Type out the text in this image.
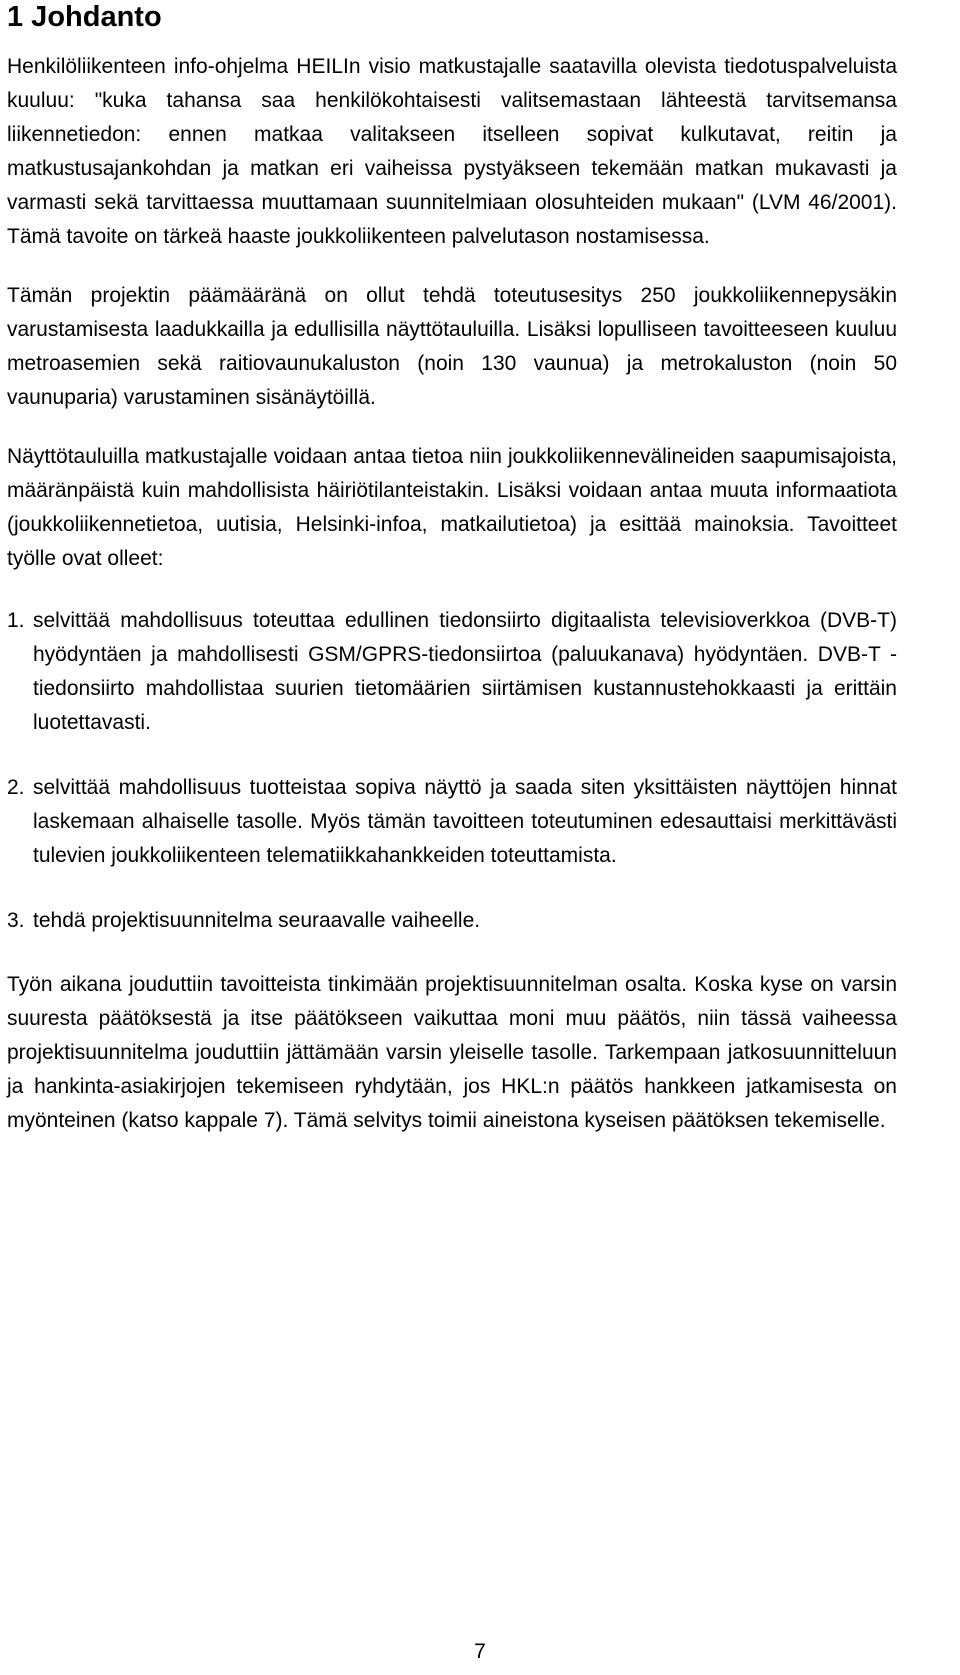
1 Johdanto

Henkilöliikenteen info-ohjelma HEILIn visio matkustajalle saatavilla olevista tiedotuspalveluista kuuluu: "kuka tahansa saa henkilökohtaisesti valitsemastaan lähteestä tarvitsemansa liikennetiedon: ennen matkaa valitakseen itselleen sopivat kulkutavat, reitin ja matkustusajankohdan ja matkan eri vaiheissa pystyäkseen tekemään matkan mukavasti ja varmasti sekä tarvittaessa muuttamaan suunnitelmiaan olosuhteiden mukaan" (LVM 46/2001). Tämä tavoite on tärkeä haaste joukkoliikenteen palvelutason nostamisessa.

Tämän projektin päämääränä on ollut tehdä toteutusesitys 250 joukkoliikennepysäkin varustamisesta laadukkailla ja edullisilla näyttötauluilla. Lisäksi lopulliseen tavoitteeseen kuuluu metroasemien sekä raitiovaunukaluston (noin 130 vaunua) ja metrokaluston (noin 50 vaunuparia) varustaminen sisänäytöillä.

Näyttötauluilla matkustajalle voidaan antaa tietoa niin joukkoliikennevälineiden saapumisajoista, määränpäistä kuin mahdollisista häiriötilanteistakin. Lisäksi voidaan antaa muuta informaatiota (joukkoliikennetietoa, uutisia, Helsinki-infoa, matkailutietoa) ja esittää mainoksia. Tavoitteet työlle ovat olleet:

1. selvittää mahdollisuus toteuttaa edullinen tiedonsiirto digitaalista televisioverkkoa (DVB-T) hyödyntäen ja mahdollisesti GSM/GPRS-tiedonsiirtoa (paluukanava) hyödyntäen. DVB-T -tiedonsiirto mahdollistaa suurien tietomäärien siirtämisen kustannustehokkaasti ja erittäin luotettavasti.
2. selvittää mahdollisuus tuotteistaa sopiva näyttö ja saada siten yksittäisten näyttöjen hinnat laskemaan alhaiselle tasolle. Myös tämän tavoitteen toteutuminen edesauttaisi merkittävästi tulevien joukkoliikenteen telematiikkahankkeiden toteuttamista.
3. tehdä projektisuunnitelma seuraavalle vaiheelle.

Työn aikana jouduttiin tavoitteista tinkimään projektisuunnitelman osalta. Koska kyse on varsin suuresta päätöksestä ja itse päätökseen vaikuttaa moni muu päätös, niin tässä vaiheessa projektisuunnitelma jouduttiin jättämään varsin yleiselle tasolle. Tarkempaan jatkosuunnitteluun ja hankinta-asiakirjojen tekemiseen ryhdytään, jos HKL:n päätös hankkeen jatkamisesta on myönteinen (katso kappale 7). Tämä selvitys toimii aineistona kyseisen päätöksen tekemiselle.

7
